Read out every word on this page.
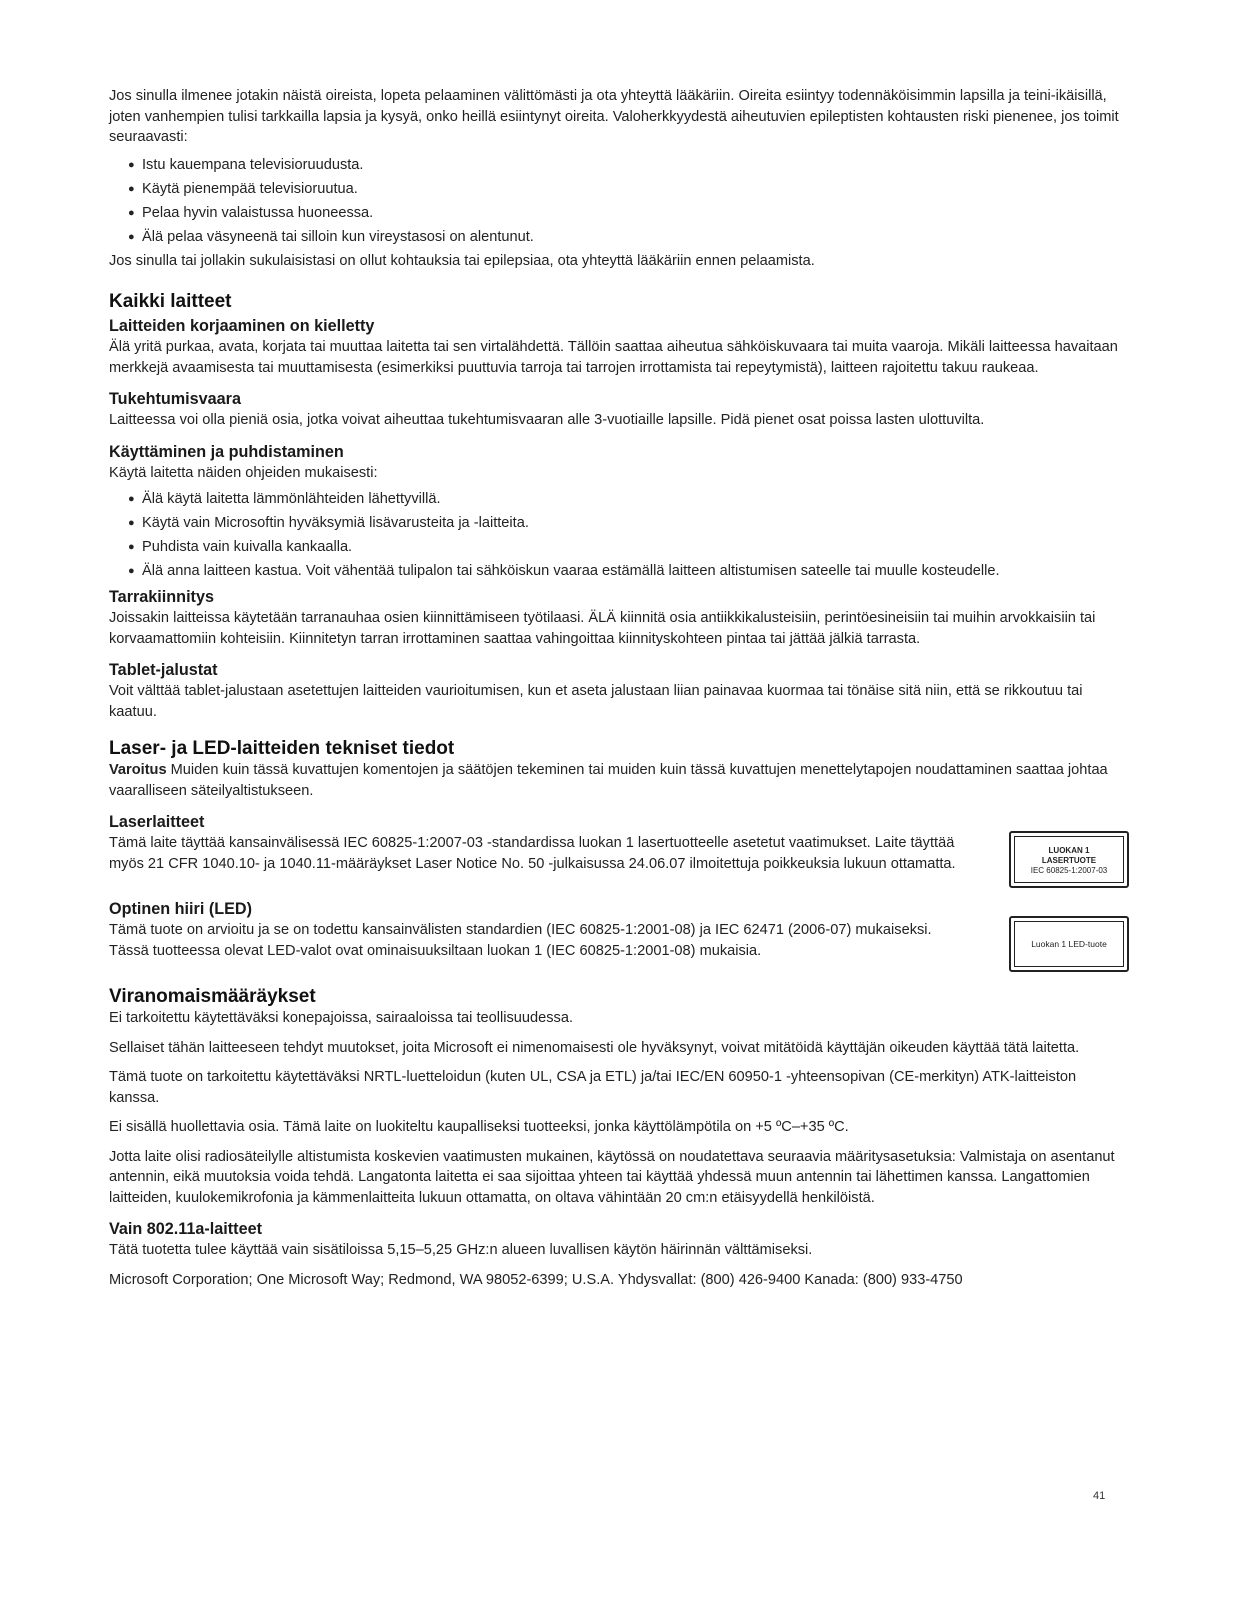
Jos sinulla ilmenee jotakin näistä oireista, lopeta pelaaminen välittömästi ja ota yhteyttä lääkäriin. Oireita esiintyy todennäköisimmin lapsilla ja teini-ikäisillä, joten vanhempien tulisi tarkkailla lapsia ja kysyä, onko heillä esiintynyt oireita. Valoherkkyydestä aiheutuvien epileptisten kohtausten riski pienenee, jos toimit seuraavasti:

● Istu kauempana televisioruudusta.
● Käytä pienempää televisioruutua.
● Pelaa hyvin valaistussa huoneessa.
● Älä pelaa väsyneenä tai silloin kun vireystasosi on alentunut.

Jos sinulla tai jollakin sukulaisistasi on ollut kohtauksia tai epilepsiaa, ota yhteyttä lääkäriin ennen pelaamista.

Kaikki laitteet
Laitteiden korjaaminen on kielletty

Älä yritä purkaa, avata, korjata tai muuttaa laitetta tai sen virtalähdettä. Tällöin saattaa aiheutua sähköiskuvaara tai muita vaaroja. Mikäli laitteessa havaitaan merkkejä avaamisesta tai muuttamisesta (esimerkiksi puuttuvia tarroja tai tarrojen irrottamista tai repeytymistä), laitteen rajoitettu takuu raukeaa.

Tukehtumisvaara

Laitteessa voi olla pieniä osia, jotka voivat aiheuttaa tukehtumisvaaran alle 3-vuotiaille lapsille. Pidä pienet osat poissa lasten ulottuvilta.

Käyttäminen ja puhdistaminen

Käytä laitetta näiden ohjeiden mukaisesti:

● Älä käytä laitetta lämmönlähteiden lähettyvillä.
● Käytä vain Microsoftin hyväksymiä lisävarusteita ja -laitteita.
● Puhdista vain kuivalla kankaalla.
● Älä anna laitteen kastua. Voit vähentää tulipalon tai sähköiskun vaaraa estämällä laitteen altistumisen sateelle tai muulle kosteudelle.
Tarrakiinnitys

Joissakin laitteissa käytetään tarranauhaa osien kiinnittämiseen työtilaasi. ÄLÄ kiinnitä osia antiikkikalusteisiin, perintöesineisiin tai muihin arvokkaisiin tai korvaamattomiin kohteisiin. Kiinnitetyn tarran irrottaminen saattaa vahingoittaa kiinnityskohteen pintaa tai jättää jälkiä tarrasta.

Tablet-jalustat

Voit välttää tablet-jalustaan asetettujen laitteiden vaurioitumisen, kun et aseta jalustaan liian painavaa kuormaa tai tönäise sitä niin, että se rikkoutuu tai kaatuu.

Laser- ja LED-laitteiden tekniset tiedot

Varoitus Muiden kuin tässä kuvattujen komentojen ja säätöjen tekeminen tai muiden kuin tässä kuvattujen menettelytapojen noudattaminen saattaa johtaa vaaralliseen säteilyaltistukseen.

Laserlaitteet

Tämä laite täyttää kansainvälisessä IEC 60825-1:2007-03 -standardissa luokan 1 lasertuotteelle asetetut vaatimukset. Laite täyttää myös 21 CFR 1040.10- ja 1040.11-määräykset Laser Notice No. 50 -julkaisussa 24.06.07 ilmoitettuja poikkeuksia lukuun ottamatta.

LUOKAN 1
LASERTUOTE
IEC 60825-1:2007-03
Optinen hiiri (LED)

Tämä tuote on arvioitu ja se on todettu kansainvälisten standardien (IEC 60825-1:2001-08) ja IEC 62471 (2006-07) mukaiseksi. Tässä tuotteessa olevat LED-valot ovat ominaisuuksiltaan luokan 1 (IEC 60825-1:2001-08) mukaisia.	Luokan 1 LED-tuote
Viranomaismääräykset

Ei tarkoitettu käytettäväksi konepajoissa, sairaaloissa tai teollisuudessa.

Sellaiset tähän laitteeseen tehdyt muutokset, joita Microsoft ei nimenomaisesti ole hyväksynyt, voivat mitätöidä käyttäjän oikeuden käyttää tätä laitetta.

Tämä tuote on tarkoitettu käytettäväksi NRTL-luetteloidun (kuten UL, CSA ja ETL) ja/tai IEC/EN 60950-1 -yhteensopivan (CE-merkityn) ATK-laitteiston kanssa.

Ei sisällä huollettavia osia. Tämä laite on luokiteltu kaupalliseksi tuotteeksi, jonka käyttölämpötila on +5 ºC–+35 ºC.

Jotta laite olisi radiosäteilylle altistumista koskevien vaatimusten mukainen, käytössä on noudatettava seuraavia määritysasetuksia: Valmistaja on asentanut antennin, eikä muutoksia voida tehdä. Langatonta laitetta ei saa sijoittaa yhteen tai käyttää yhdessä muun antennin tai lähettimen kanssa. Langattomien laitteiden, kuulokemikrofonia ja kämmenlaitteita lukuun ottamatta, on oltava vähintään 20 cm:n etäisyydellä henkilöistä.

Vain 802.11a-laitteet

Tätä tuotetta tulee käyttää vain sisätiloissa 5,15–5,25 GHz:n alueen luvallisen käytön häirinnän välttämiseksi.

Microsoft Corporation; One Microsoft Way; Redmond, WA 98052-6399; U.S.A. Yhdysvallat: (800) 426-9400 Kanada: (800) 933-4750

41
